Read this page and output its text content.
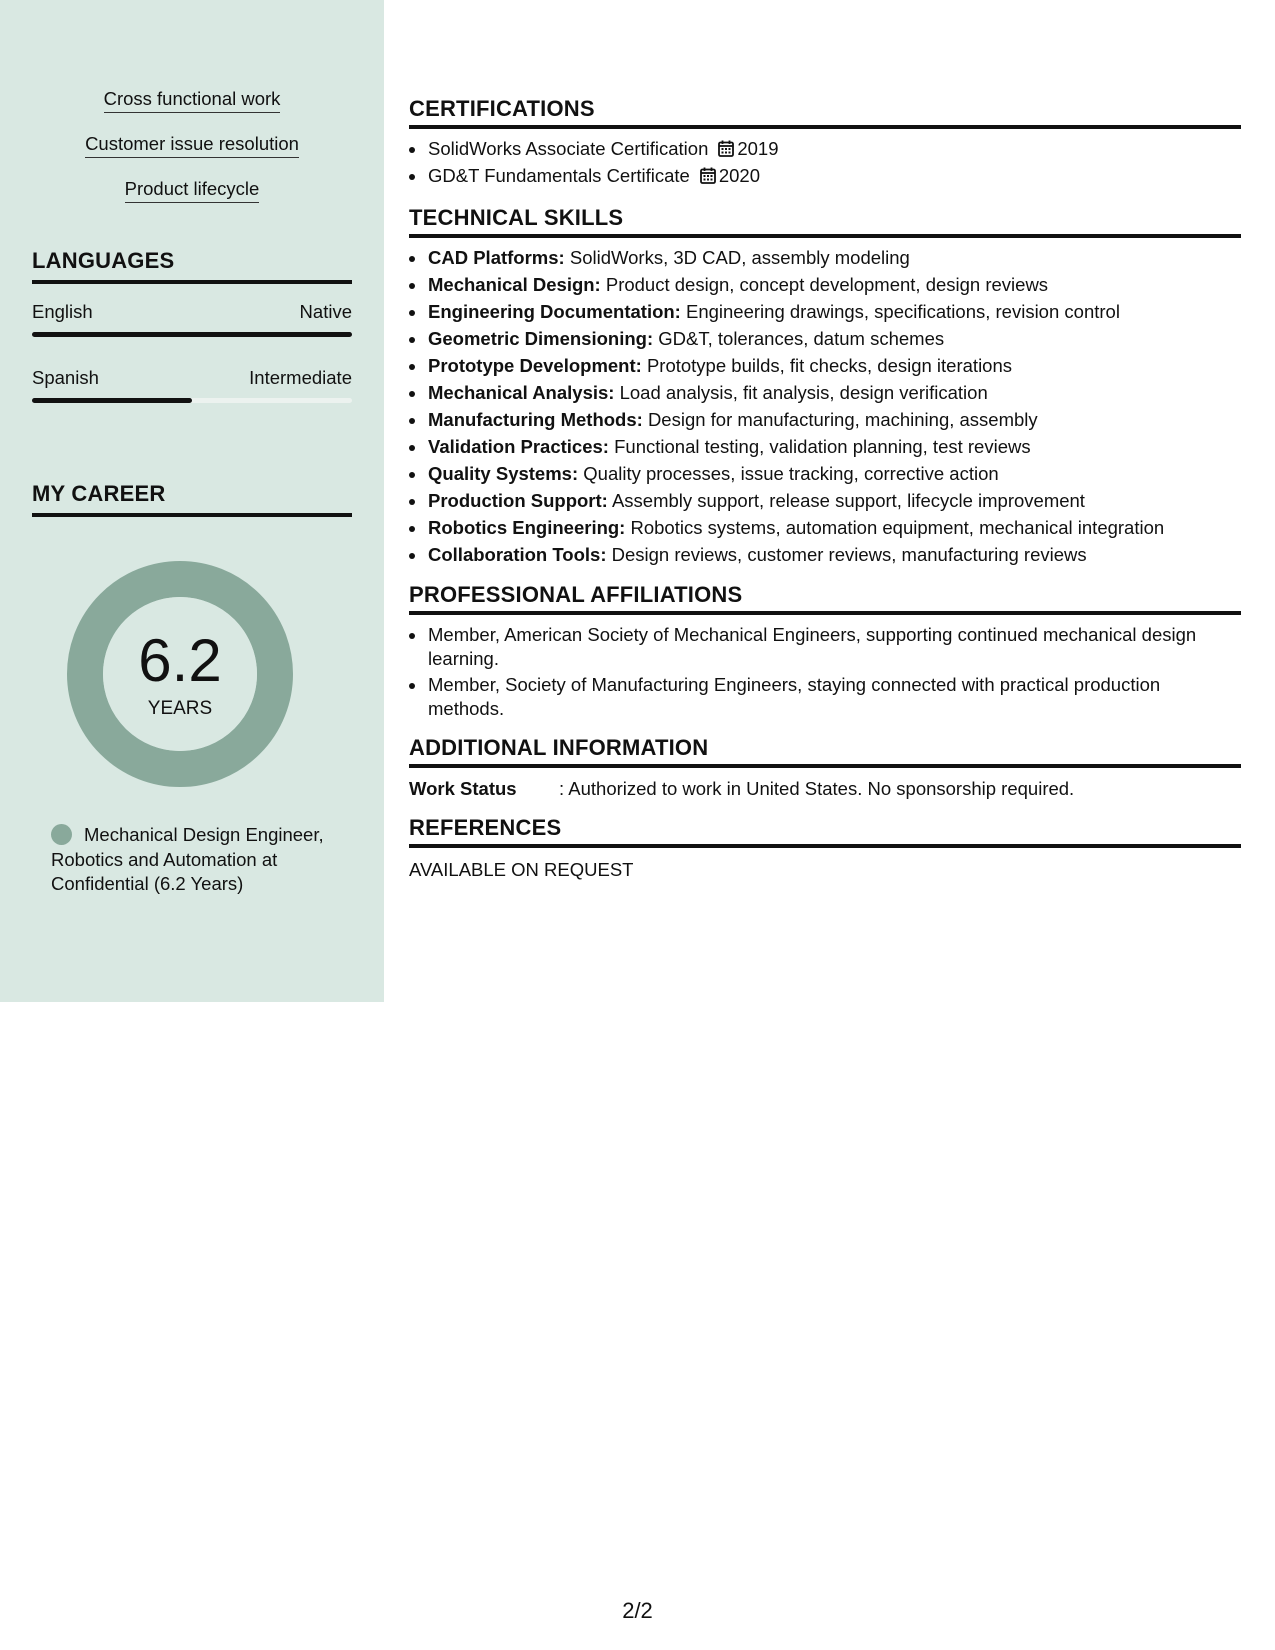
Cross functional work
Customer issue resolution
Product lifecycle
LANGUAGES
English	Native
Spanish	Intermediate
MY CAREER
6.2
YEARS
Mechanical Design Engineer, Robotics and Automation at Confidential (6.2 Years)
CERTIFICATIONS
SolidWorks Associate Certification 2019
GD&T Fundamentals Certificate 2020
TECHNICAL SKILLS
CAD Platforms: SolidWorks, 3D CAD, assembly modeling
Mechanical Design: Product design, concept development, design reviews
Engineering Documentation: Engineering drawings, specifications, revision control
Geometric Dimensioning: GD&T, tolerances, datum schemes
Prototype Development: Prototype builds, fit checks, design iterations
Mechanical Analysis: Load analysis, fit analysis, design verification
Manufacturing Methods: Design for manufacturing, machining, assembly
Validation Practices: Functional testing, validation planning, test reviews
Quality Systems: Quality processes, issue tracking, corrective action
Production Support: Assembly support, release support, lifecycle improvement
Robotics Engineering: Robotics systems, automation equipment, mechanical integration
Collaboration Tools: Design reviews, customer reviews, manufacturing reviews
PROFESSIONAL AFFILIATIONS
Member, American Society of Mechanical Engineers, supporting continued mechanical design learning.
Member, Society of Manufacturing Engineers, staying connected with practical production methods.
ADDITIONAL INFORMATION
Work Status	: Authorized to work in United States. No sponsorship required.
REFERENCES
AVAILABLE ON REQUEST
2/2
